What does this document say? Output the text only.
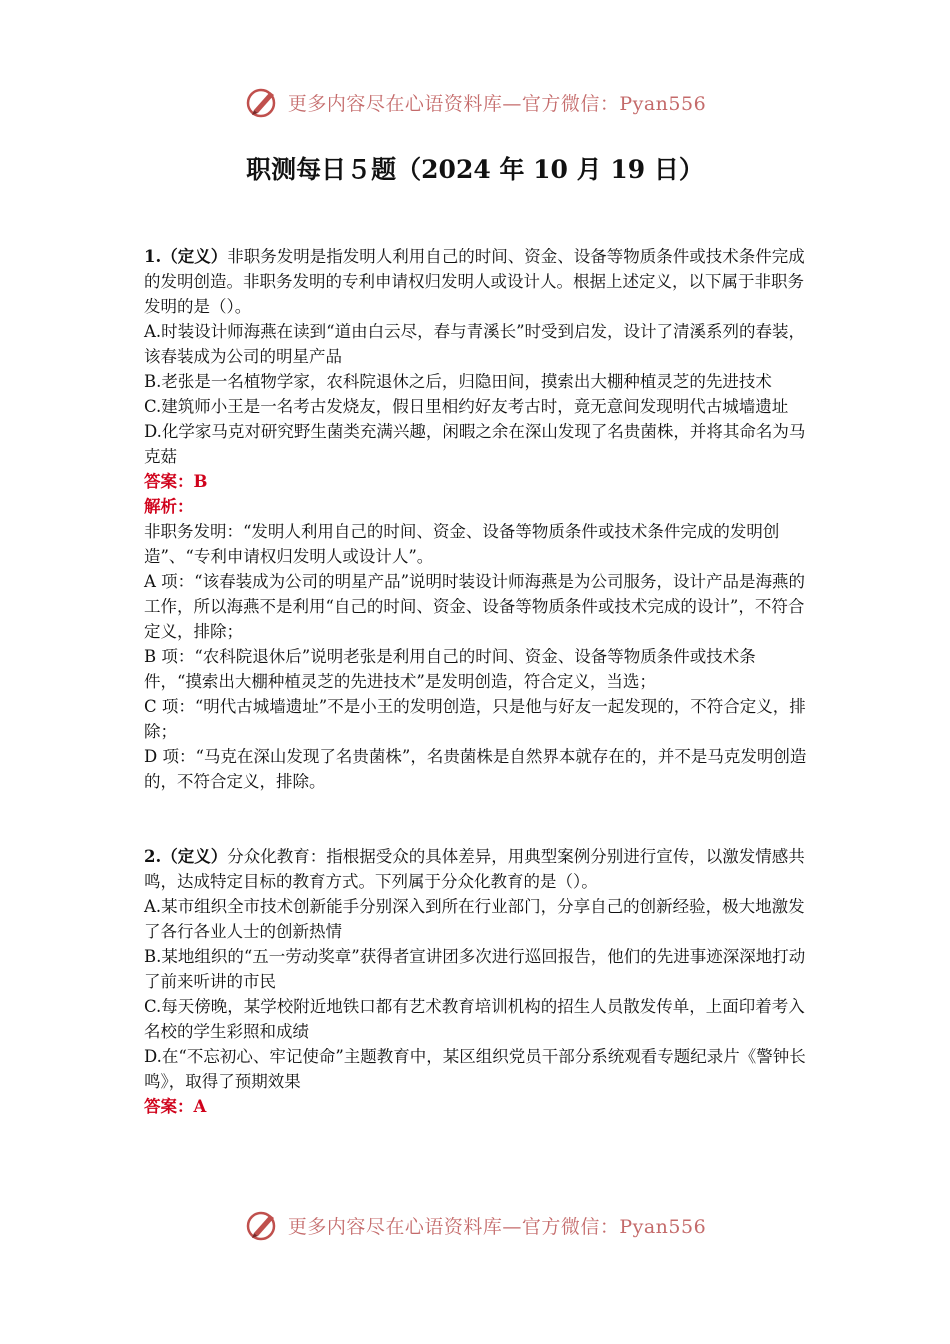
更多内容尽在心语资料库—官方微信：Pyan556
职测每日５题（2024 年 10 月 19 日）

1.（定义）非职务发明是指发明人利用自己的时间、资金、设备等物质条件或技术条件完成的发明创造。非职务发明的专利申请权归发明人或设计人。根据上述定义，以下属于非职务发明的是（）。

A.时装设计师海燕在读到“道由白云尽，春与青溪长”时受到启发，设计了清溪系列的春装，该春装成为公司的明星产品

B.老张是一名植物学家，农科院退休之后，归隐田间，摸索出大棚种植灵芝的先进技术

C.建筑师小王是一名考古发烧友，假日里相约好友考古时，竟无意间发现明代古城墙遗址

D.化学家马克对研究野生菌类充满兴趣，闲暇之余在深山发现了名贵菌株，并将其命名为马克菇

答案：B

解析：

非职务发明：“发明人利用自己的时间、资金、设备等物质条件或技术条件完成的发明创造”、“专利申请权归发明人或设计人”。

A 项：“该春装成为公司的明星产品”说明时装设计师海燕是为公司服务，设计产品是海燕的工作，所以海燕不是利用“自己的时间、资金、设备等物质条件或技术完成的设计”，不符合定义，排除；

B 项：“农科院退休后”说明老张是利用自己的时间、资金、设备等物质条件或技术条件，“摸索出大棚种植灵芝的先进技术”是发明创造，符合定义，当选；

C 项：“明代古城墙遗址”不是小王的发明创造，只是他与好友一起发现的，不符合定义，排除；

D 项：“马克在深山发现了名贵菌株”，名贵菌株是自然界本就存在的，并不是马克发明创造的，不符合定义，排除。

2.（定义）分众化教育：指根据受众的具体差异，用典型案例分别进行宣传，以激发情感共鸣，达成特定目标的教育方式。下列属于分众化教育的是（）。

A.某市组织全市技术创新能手分别深入到所在行业部门，分享自己的创新经验，极大地激发了各行各业人士的创新热情

B.某地组织的“五一劳动奖章”获得者宣讲团多次进行巡回报告，他们的先进事迹深深地打动了前来听讲的市民

C.每天傍晚，某学校附近地铁口都有艺术教育培训机构的招生人员散发传单，上面印着考入名校的学生彩照和成绩

D.在“不忘初心、牢记使命”主题教育中，某区组织党员干部分系统观看专题纪录片《警钟长鸣》，取得了预期效果

答案：A

更多内容尽在心语资料库—官方微信：Pyan556
